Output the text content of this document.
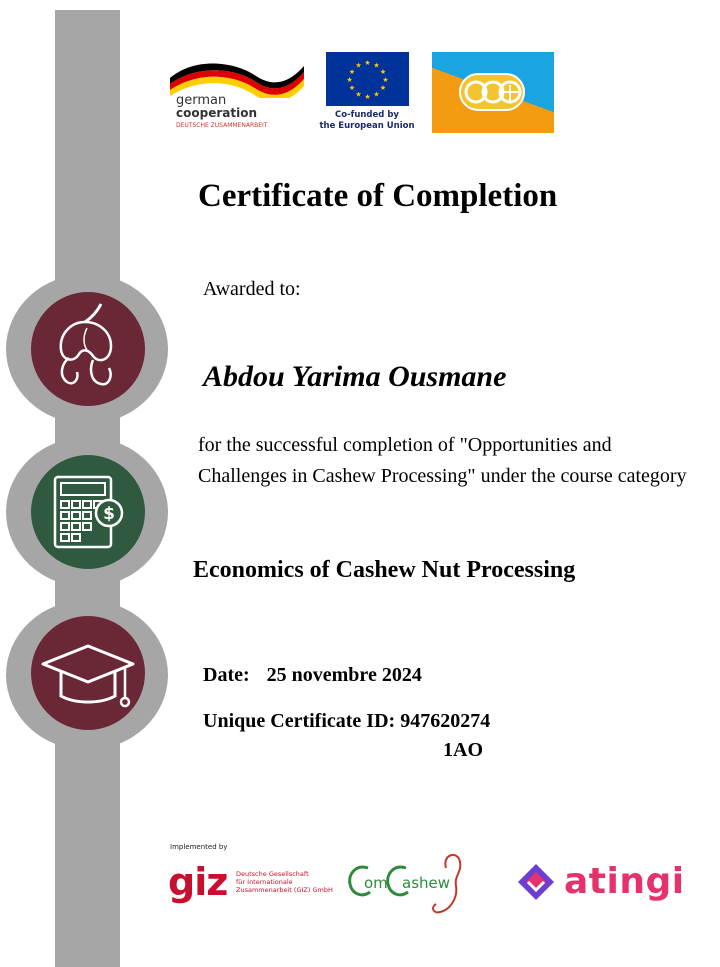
$
german
cooperation
DEUTSCHE ZUSAMMENARBEIT
★ ★
★
★
★
★
★
★
★
★
★
★
Co-funded by
the European Union
Certificate of Completion
Awarded to:
Abdou Yarima Ousmane
for the successful completion of "Opportunities and Challenges in Cashew Processing" under the course category
Economics of Cashew Nut Processing
Date: 25 novembre 2024
Unique Certificate ID: 947620274
1AO
Implemented by
giz Deutsche Gesellschaft
für Internationale
Zusammenarbeit (GIZ) GmbH om ashew	atingi
